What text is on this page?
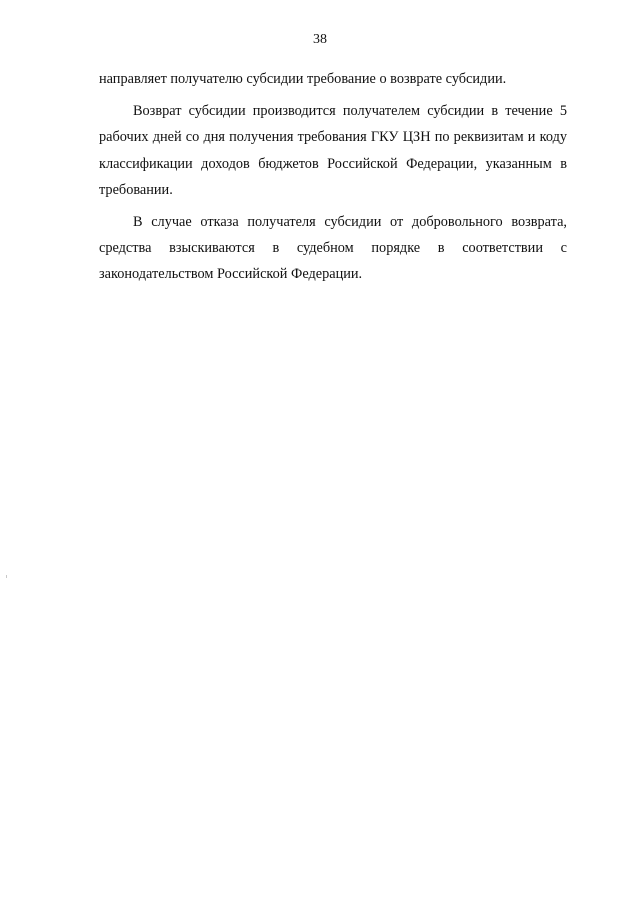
38

направляет получателю субсидии требование о возврате субсидии.

Возврат субсидии производится получателем субсидии в течение 5 рабочих дней со дня получения требования ГКУ ЦЗН по реквизитам и коду классификации доходов бюджетов Российской Федерации, указанным в требовании.

В случае отказа получателя субсидии от добровольного возврата, средства взыскиваются в судебном порядке в соответствии с законодательством Российской Федерации.
